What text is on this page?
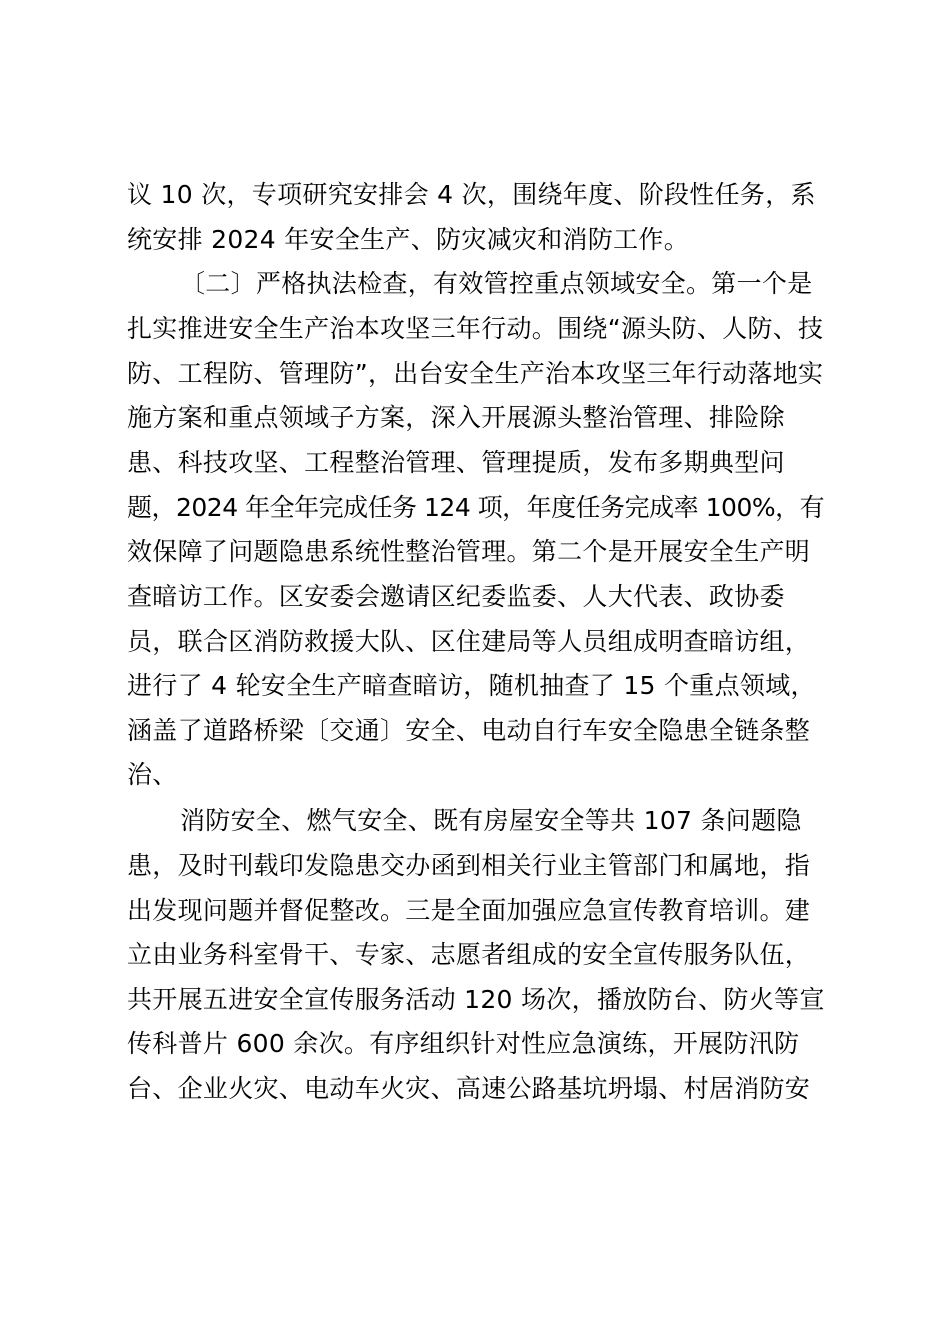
议 10 次，专项研究安排会 4 次，围绕年度、阶段性任务，系
统安排 2024 年安全生产、防灾减灾和消防工作。
〔二〕严格执法检查，有效管控重点领域安全。第一个是
扎实推进安全生产治本攻坚三年行动。围绕“源头防、人防、技
防、工程防、管理防”，出台安全生产治本攻坚三年行动落地实
施方案和重点领域子方案，深入开展源头整治管理、排险除
患、科技攻坚、工程整治管理、管理提质，发布多期典型问
题，2024 年全年完成任务 124 项，年度任务完成率 100%，有
效保障了问题隐患系统性整治管理。第二个是开展安全生产明
查暗访工作。区安委会邀请区纪委监委、人大代表、政协委
员，联合区消防救援大队、区住建局等人员组成明查暗访组，
进行了 4 轮安全生产暗查暗访，随机抽查了 15 个重点领域，
涵盖了道路桥梁〔交通〕安全、电动自行车安全隐患全链条整
治、
消防安全、燃气安全、既有房屋安全等共 107 条问题隐
患，及时刊载印发隐患交办函到相关行业主管部门和属地，指
出发现问题并督促整改。三是全面加强应急宣传教育培训。建
立由业务科室骨干、专家、志愿者组成的安全宣传服务队伍，
共开展五进安全宣传服务活动 120 场次，播放防台、防火等宣
传科普片 600 余次。有序组织针对性应急演练，开展防汛防
台、企业火灾、电动车火灾、高速公路基坑坍塌、村居消防安
